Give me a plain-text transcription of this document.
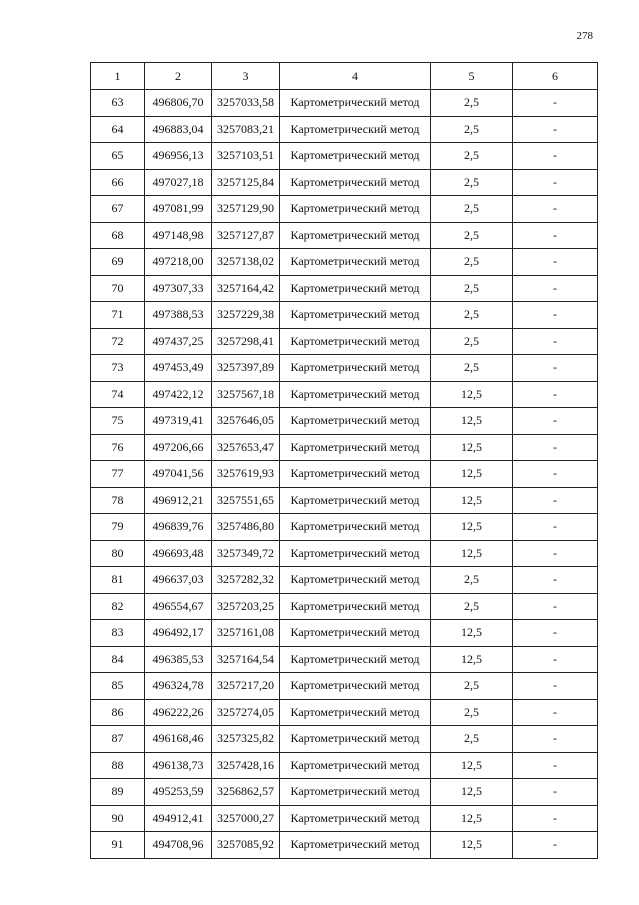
278
1	2	3	4	5	6
63	496806,70	3257033,58	Картометрический метод	2,5	-
64	496883,04	3257083,21	Картометрический метод	2,5	-
65	496956,13	3257103,51	Картометрический метод	2,5	-
66	497027,18	3257125,84	Картометрический метод	2,5	-
67	497081,99	3257129,90	Картометрический метод	2,5	-
68	497148,98	3257127,87	Картометрический метод	2,5	-
69	497218,00	3257138,02	Картометрический метод	2,5	-
70	497307,33	3257164,42	Картометрический метод	2,5	-
71	497388,53	3257229,38	Картометрический метод	2,5	-
72	497437,25	3257298,41	Картометрический метод	2,5	-
73	497453,49	3257397,89	Картометрический метод	2,5	-
74	497422,12	3257567,18	Картометрический метод	12,5	-
75	497319,41	3257646,05	Картометрический метод	12,5	-
76	497206,66	3257653,47	Картометрический метод	12,5	-
77	497041,56	3257619,93	Картометрический метод	12,5	-
78	496912,21	3257551,65	Картометрический метод	12,5	-
79	496839,76	3257486,80	Картометрический метод	12,5	-
80	496693,48	3257349,72	Картометрический метод	12,5	-
81	496637,03	3257282,32	Картометрический метод	2,5	-
82	496554,67	3257203,25	Картометрический метод	2,5	-
83	496492,17	3257161,08	Картометрический метод	12,5	-
84	496385,53	3257164,54	Картометрический метод	12,5	-
85	496324,78	3257217,20	Картометрический метод	2,5	-
86	496222,26	3257274,05	Картометрический метод	2,5	-
87	496168,46	3257325,82	Картометрический метод	2,5	-
88	496138,73	3257428,16	Картометрический метод	12,5	-
89	495253,59	3256862,57	Картометрический метод	12,5	-
90	494912,41	3257000,27	Картометрический метод	12,5	-
91	494708,96	3257085,92	Картометрический метод	12,5	-
